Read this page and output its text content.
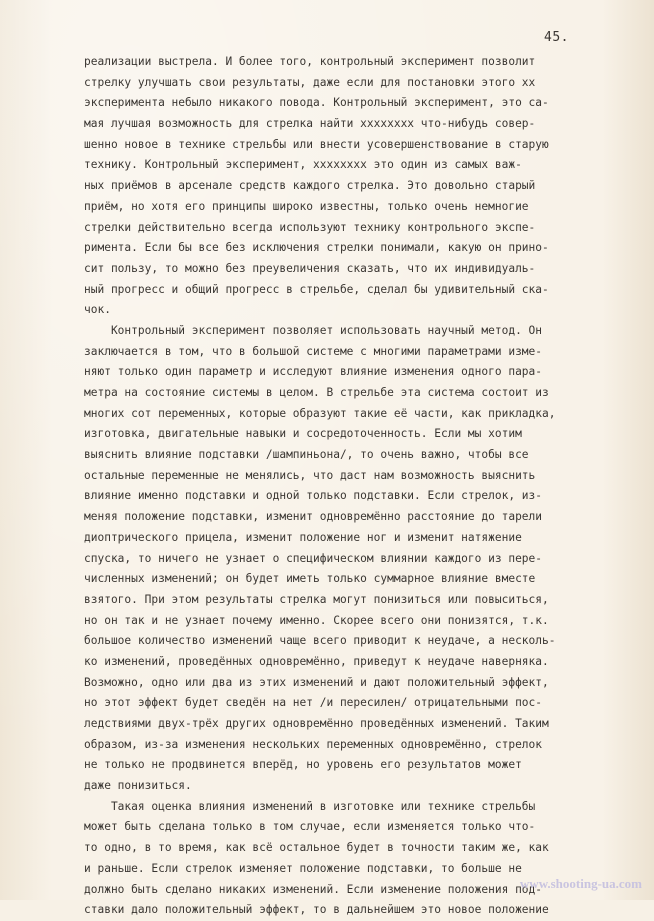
45.
реализации выстрела. И более того, контрольный эксперимент позволит
стрелку улучшать свои результаты, даже если для постановки этого xx
эксперимента небыло никакого повода. Контрольный эксперимент, это са-
мая лучшая возможность для стрелка найти xxxxxxxx что-нибудь совер-
шенно новое в технике стрельбы или внести усовершенствование в старую
технику. Контрольный эксперимент, xxxxxxxx это один из самых важ-
ных приёмов в арсенале средств каждого стрелка. Это довольно старый
приём, но хотя его принципы широко известны, только очень немногие
стрелки действительно всегда используют технику контрольного экспе-
римента. Если бы все без исключения стрелки понимали, какую он прино-
сит пользу, то можно без преувеличения сказать, что их индивидуаль-
ный прогресс и общий прогресс в стрельбе, сделал бы удивительный ска-
чок.
Контрольный эксперимент позволяет использовать научный метод. Он
заключается в том, что в большой системе с многими параметрами изме-
няют только один параметр и исследуют влияние изменения одного пара-
метра на состояние системы в целом. В стрельбе эта система состоит из
многих сот переменных, которые образуют такие её части, как прикладка,
изготовка, двигательные навыки и сосредоточенность. Если мы хотим
выяснить влияние подставки /шампиньона/, то очень важно, чтобы все
остальные переменные не менялись, что даст нам возможность выяснить
влияние именно подставки и одной только подставки. Если стрелок, из-
меняя положение подставки, изменит одновремённо расстояние до тарели
диоптрического прицела, изменит положение ног и изменит натяжение
спуска, то ничего не узнает о специфическом влиянии каждого из пере-
численных изменений; он будет иметь только суммарное влияние вместе
взятого. При этом результаты стрелка могут понизиться или повыситься,
но он так и не узнает почему именно. Скорее всего они понизятся, т.к.
большое количество изменений чаще всего приводит к неудаче, а несколь-
ко изменений, проведённых одновремённо, приведут к неудаче наверняка.
Возможно, одно или два из этих изменений и дают положительный эффект,
но этот эффект будет сведён на нет /и пересилен/ отрицательными пос-
ледствиями двух-трёх других одновремённо проведённых изменений. Таким
образом, из-за изменения нескольких переменных одновремённо, стрелок
не только не продвинется вперёд, но уровень его результатов может
даже понизиться.
Такая оценка влияния изменений в изготовке или технике стрельбы
может быть сделана только в том случае, если изменяется только что-
то одно, в то время, как всё остальное будет в точности таким же, как
и раньше. Если стрелок изменяет положение подставки, то больше не
должно быть сделано никаких изменений. Если изменение положения под-
ставки дало положительный эффект, то в дальнейшем это новое положение
www.shooting-ua.com
